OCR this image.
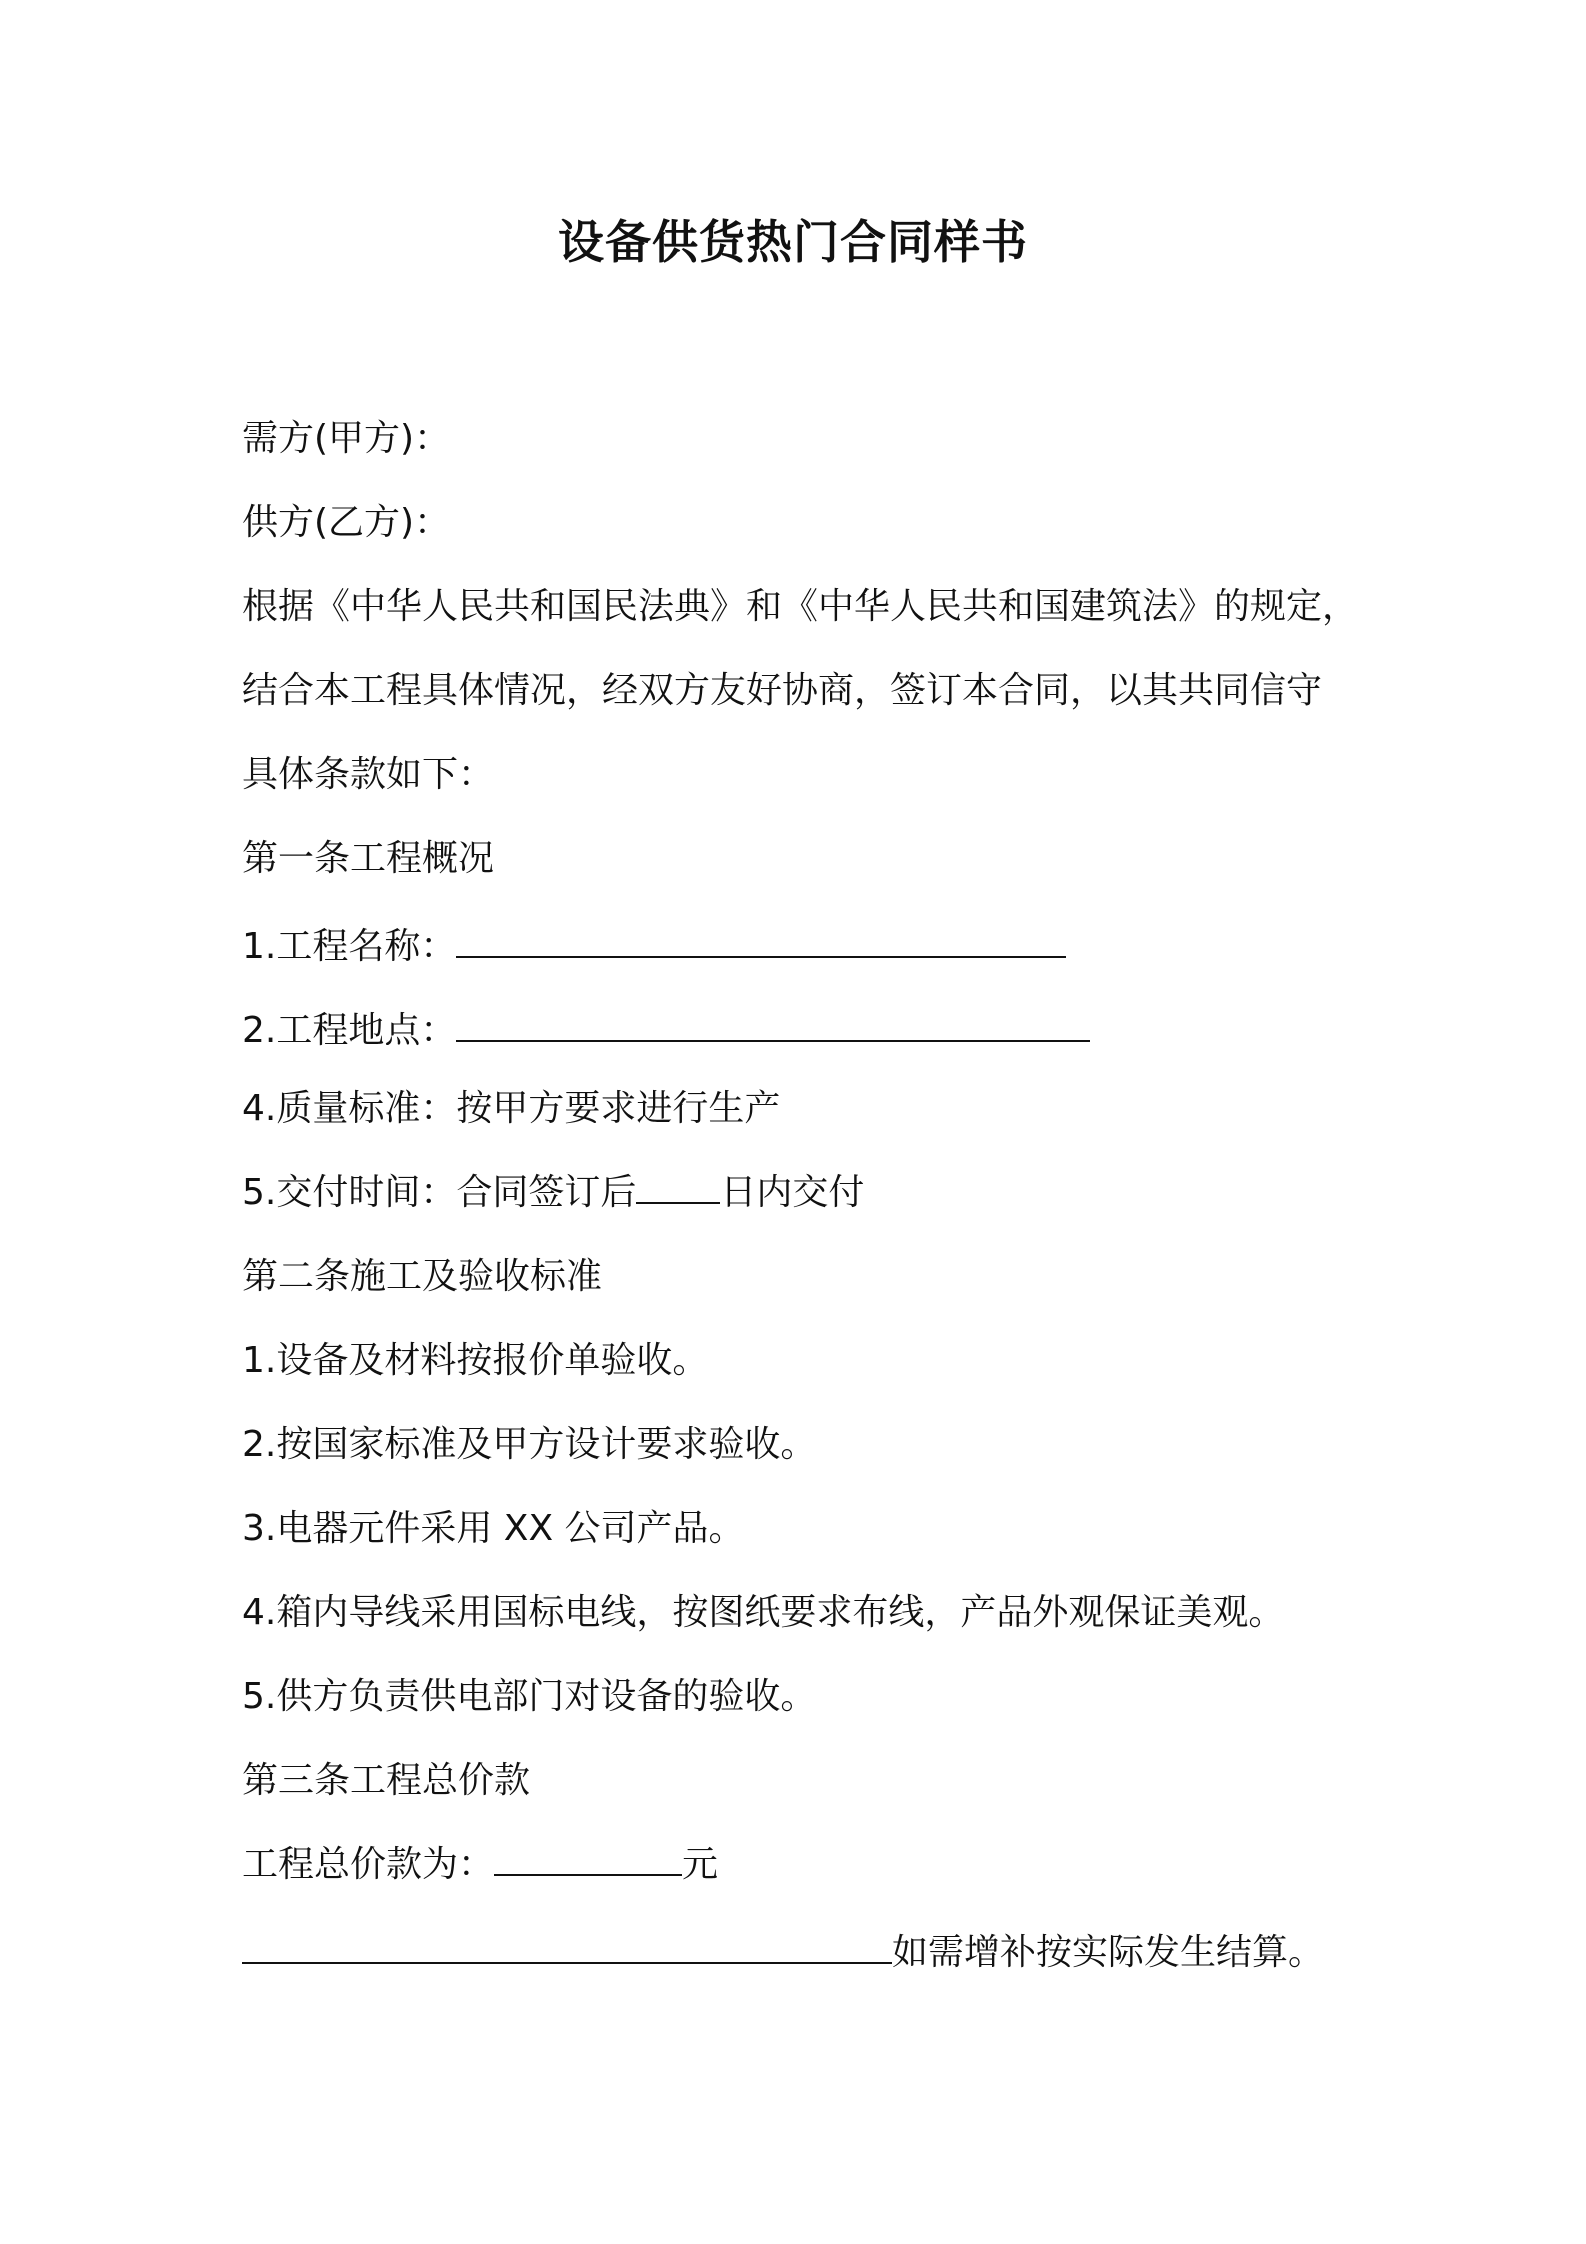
设备供货热门合同样书
需方(甲方)：
供方(乙方)：
根据《中华人民共和国民法典》和《中华人民共和国建筑法》的规定，
结合本工程具体情况，经双方友好协商，签订本合同，以其共同信守
具体条款如下：
第一条工程概况
1.工程名称：
2.工程地点：
4.质量标准：按甲方要求进行生产
5.交付时间：合同签订后 日内交付
第二条施工及验收标准
1.设备及材料按报价单验收。
2.按国家标准及甲方设计要求验收。
3.电器元件采用 XX 公司产品。
4.箱内导线采用国标电线，按图纸要求布线，产品外观保证美观。
5.供方负责供电部门对设备的验收。
第三条工程总价款
工程总价款为：	元
如需增补按实际发生结算。
